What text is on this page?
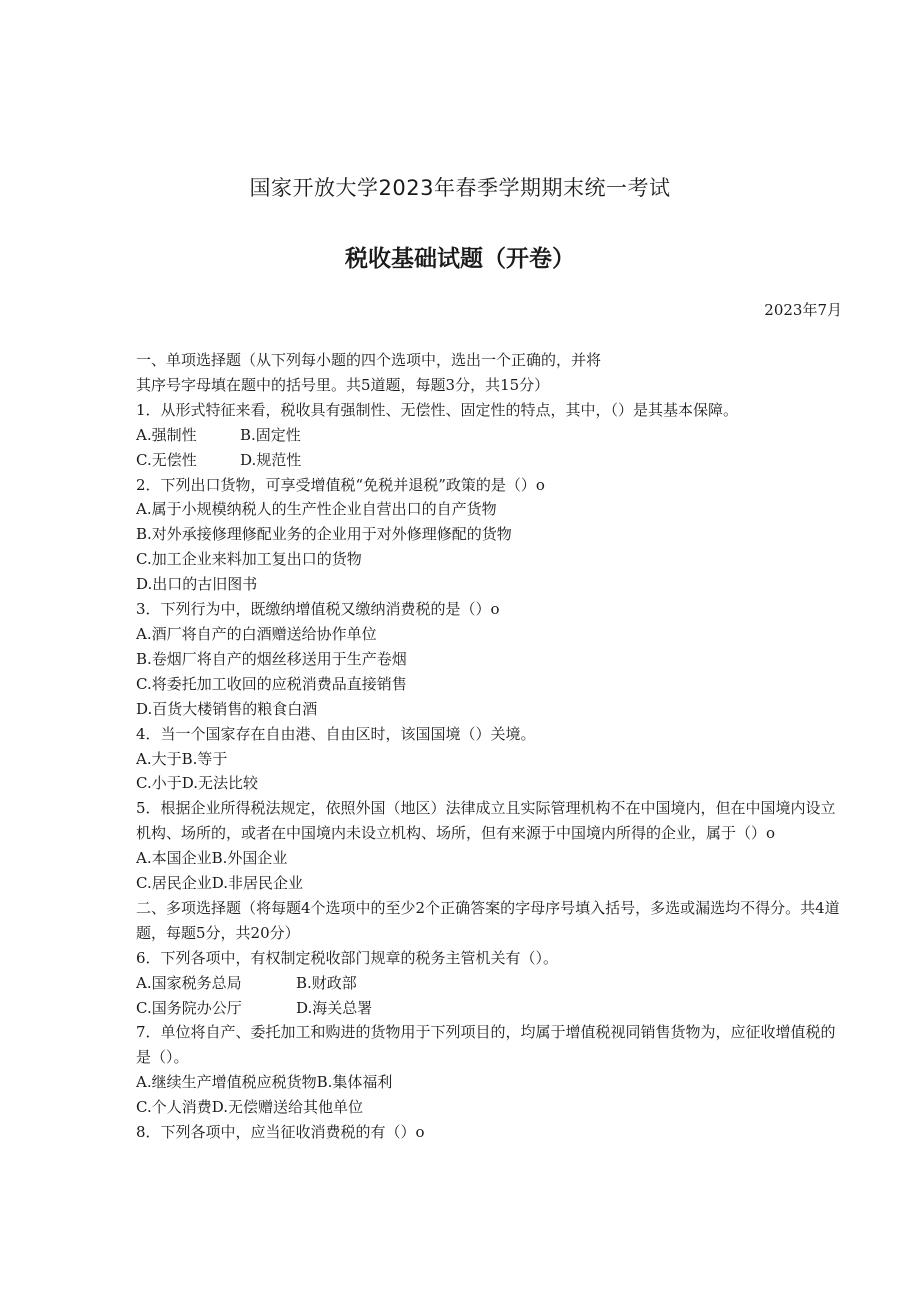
国家开放大学2023年春季学期期末统一考试
税收基础试题（开卷）
2023年7月

一、单项选择题（从下列每小题的四个选项中，选出一个正确的，并将

其序号字母填在题中的括号里。共5道题，每题3分，共15分）

1．从形式特征来看，税收具有强制性、无偿性、固定性的特点，其中，（）是其基本保障。

A.强制性	B.固定性

C.无偿性	D.规范性

2．下列出口货物，可享受增值税“免税并退税”政策的是（）o

A.属于小规模纳税人的生产性企业自营出口的自产货物

B.对外承接修理修配业务的企业用于对外修理修配的货物

C.加工企业来料加工复出口的货物

D.出口的古旧图书

3．下列行为中，既缴纳增值税又缴纳消费税的是（）o

A.酒厂将自产的白酒赠送给协作单位

B.卷烟厂将自产的烟丝移送用于生产卷烟

C.将委托加工收回的应税消费品直接销售

D.百货大楼销售的粮食白酒

4．当一个国家存在自由港、自由区时，该国国境（）关境。

A.大于B.等于

C.小于D.无法比较

5．根据企业所得税法规定，依照外国（地区）法律成立且实际管理机构不在中国境内，但在中国境内设立机构、场所的，或者在中国境内未设立机构、场所，但有来源于中国境内所得的企业，属于（）o

A.本国企业B.外国企业

C.居民企业D.非居民企业

二、多项选择题（将每题4个选项中的至少2个正确答案的字母序号填入括号，多选或漏选均不得分。共4道题，每题5分，共20分）

6．下列各项中，有权制定税收部门规章的税务主管机关有（）。

A.国家税务总局	B.财政部

C.国务院办公厅	D.海关总署

7．单位将自产、委托加工和购进的货物用于下列项目的，均属于增值税视同销售货物为，应征收增值税的是（）。

A.继续生产增值税应税货物B.集体福利

C.个人消费D.无偿赠送给其他单位

8．下列各项中，应当征收消费税的有（）o
